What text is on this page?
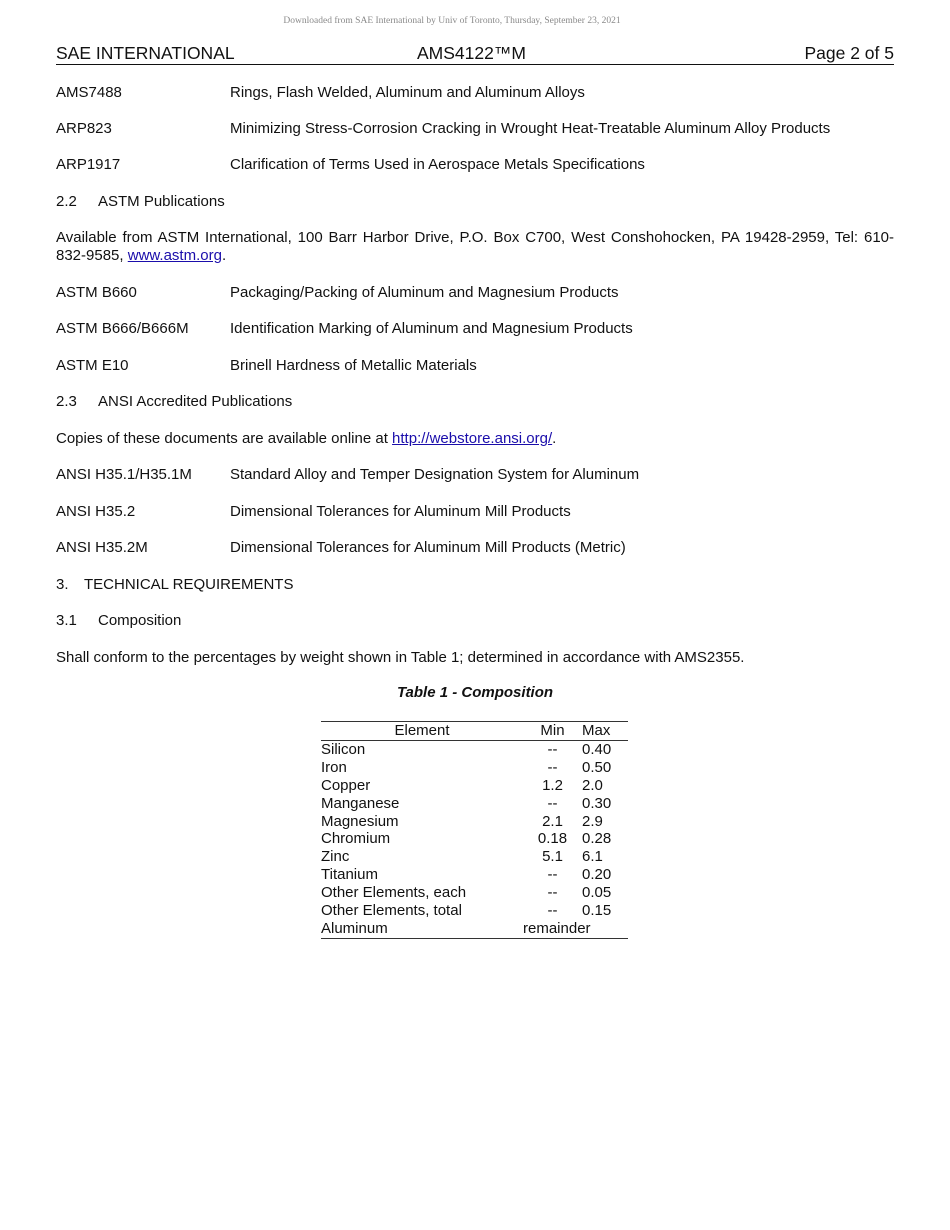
Downloaded from SAE International by Univ of Toronto, Thursday, September 23, 2021
SAE INTERNATIONAL	AMS4122™M	Page 2 of 5
AMS7488	Rings, Flash Welded, Aluminum and Aluminum Alloys
ARP823	Minimizing Stress-Corrosion Cracking in Wrought Heat-Treatable Aluminum Alloy Products
ARP1917	Clarification of Terms Used in Aerospace Metals Specifications
2.2 ASTM Publications
Available from ASTM International, 100 Barr Harbor Drive, P.O. Box C700, West Conshohocken, PA 19428-2959, Tel: 610-832-9585, www.astm.org.
ASTM B660	Packaging/Packing of Aluminum and Magnesium Products
ASTM B666/B666M	Identification Marking of Aluminum and Magnesium Products
ASTM E10	Brinell Hardness of Metallic Materials
2.3 ANSI Accredited Publications
Copies of these documents are available online at http://webstore.ansi.org/.
ANSI H35.1/H35.1M	Standard Alloy and Temper Designation System for Aluminum
ANSI H35.2	Dimensional Tolerances for Aluminum Mill Products
ANSI H35.2M	Dimensional Tolerances for Aluminum Mill Products (Metric)
3. TECHNICAL REQUIREMENTS
3.1 Composition
Shall conform to the percentages by weight shown in Table 1; determined in accordance with AMS2355.
Table 1 - Composition
Element	Min	Max
Silicon	--	0.40
Iron	--	0.50
Copper	1.2	2.0
Manganese	--	0.30
Magnesium	2.1	2.9
Chromium	0.18	0.28
Zinc	5.1	6.1
Titanium	--	0.20
Other Elements, each	--	0.05
Other Elements, total	--	0.15
Aluminum	remainder	
